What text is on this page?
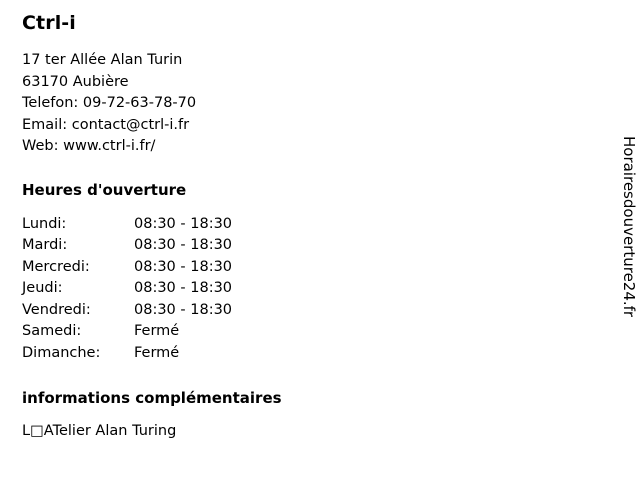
Ctrl-i
17 ter Allée Alan Turin
63170 Aubière
Telefon: 09-72-63-78-70
Email: contact@ctrl-i.fr
Web: www.ctrl-i.fr/
Heures d'ouverture
Lundi:	08:30 - 18:30
Mardi:	08:30 - 18:30
Mercredi:	08:30 - 18:30
Jeudi:	08:30 - 18:30
Vendredi:	08:30 - 18:30
Samedi:	Fermé
Dimanche:	Fermé
informations complémentaires
L□ATelier Alan Turing
Horairesdouverture24.fr
